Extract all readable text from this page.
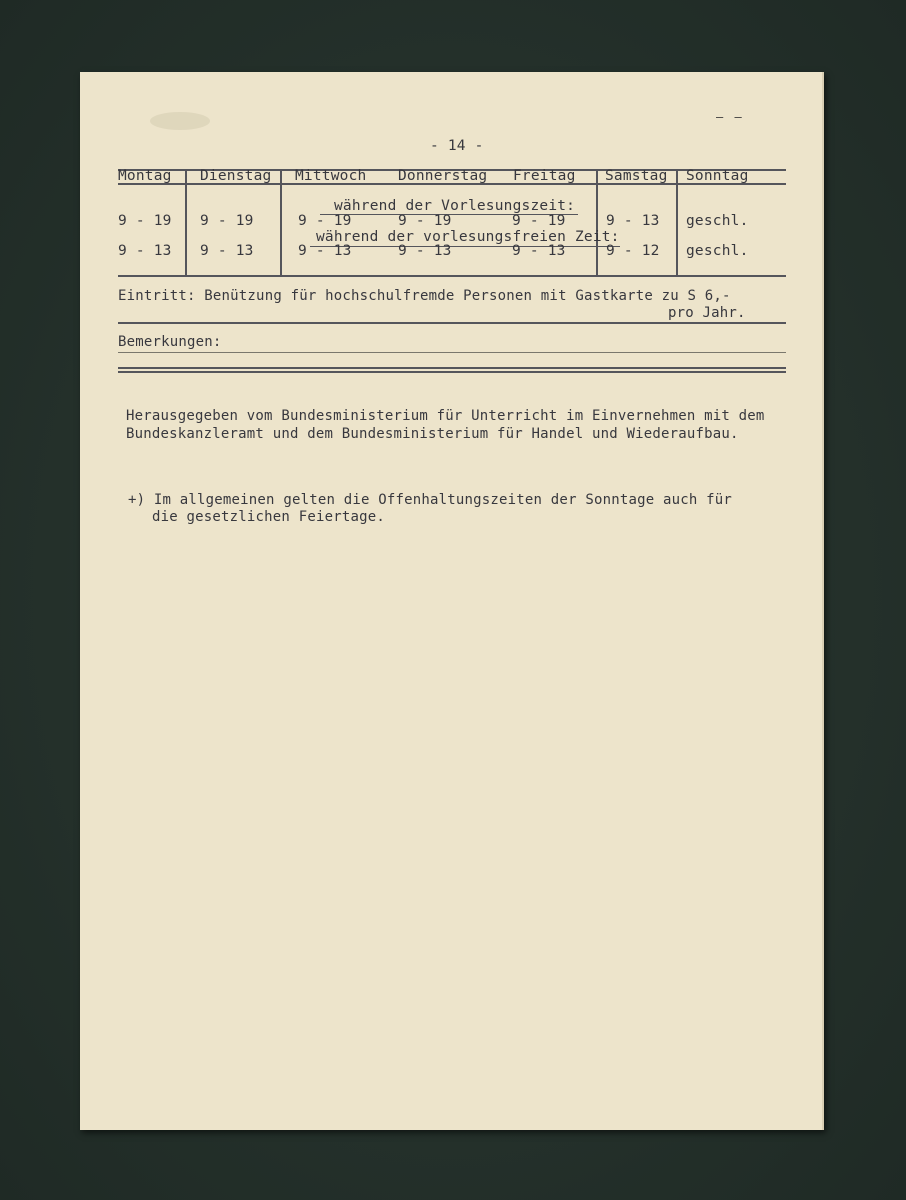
— —
- 14 -
Montag Dienstag Mittwoch Donnerstag Freitag Samstag Sonntag
während der Vorlesungszeit:
9 - 19 9 - 19	9 - 19	9 - 19	9 - 19	9 - 13 geschl.
während der vorlesungsfreien Zeit:
9 - 13 9 - 13	9 - 13	9 - 13	9 - 13	9 - 12 geschl.
Eintritt: Benützung für hochschulfremde Personen mit Gastkarte zu S 6,-
pro Jahr.
Bemerkungen:
Herausgegeben vom Bundesministerium für Unterricht im Einvernehmen mit dem
Bundeskanzleramt und dem Bundesministerium für Handel und Wiederaufbau.
+) Im allgemeinen gelten die Offenhaltungszeiten der Sonntage auch für
die gesetzlichen Feiertage.
